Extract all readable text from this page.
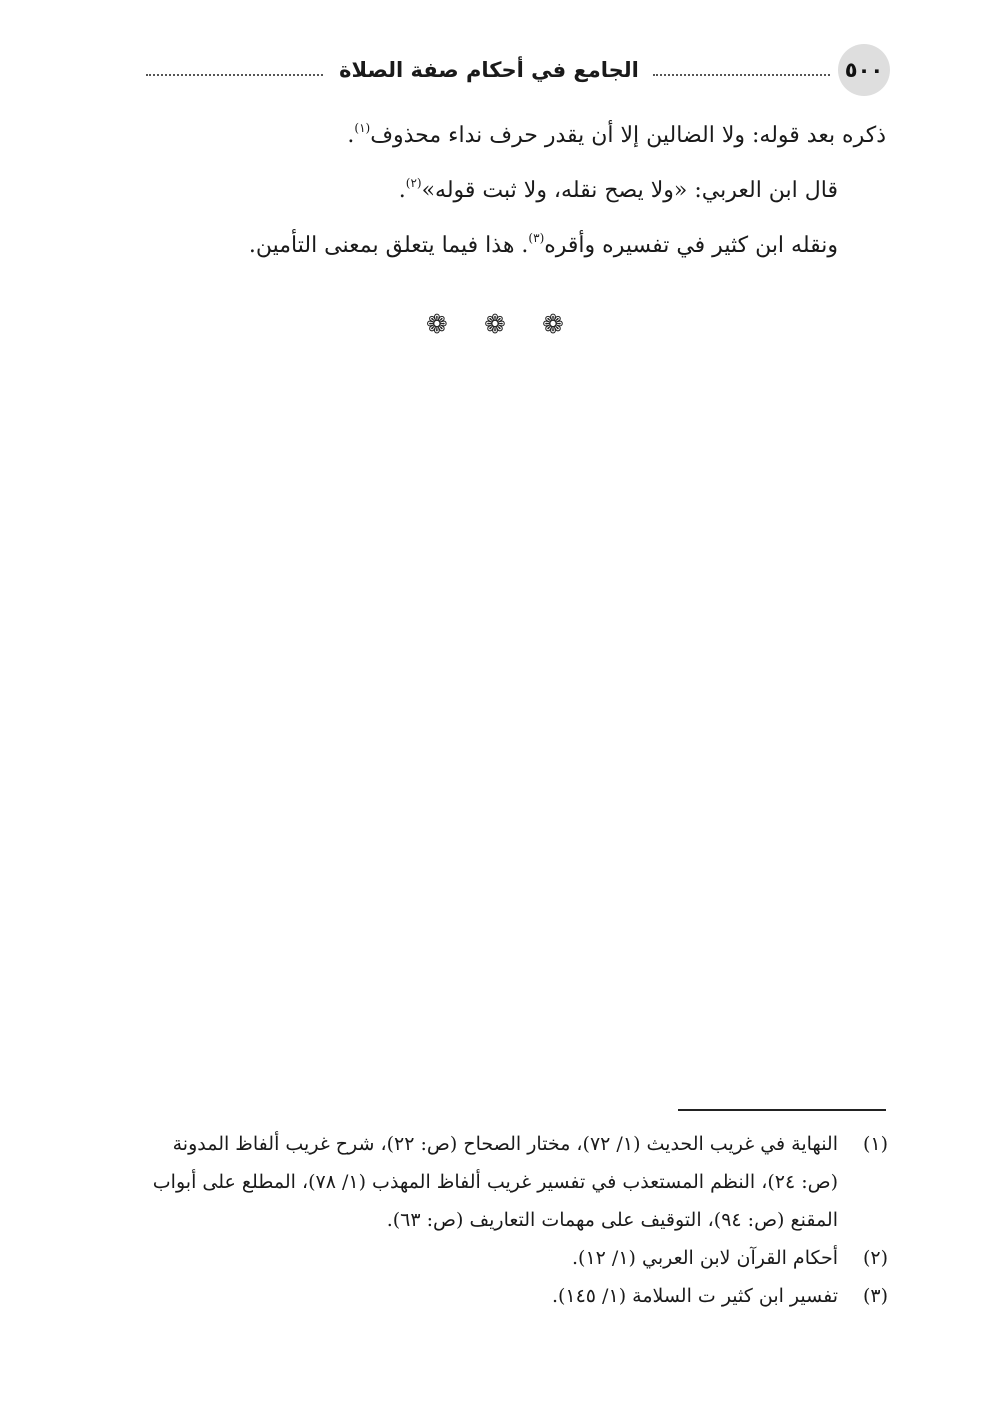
٥٠٠
الجامع في أحكام صفة الصلاة

ذكره بعد قوله: ولا الضالين إلا أن يقدر حرف نداء محذوف$^{(١)}$.

قال ابن العربي: «ولا يصح نقله، ولا ثبت قوله»$^{(٢)}$.

ونقله ابن كثير في تفسيره وأقره$^{(٣)}$. هذا فيما يتعلق بمعنى التأمين.

❁ ❁ ❁
(١)
النهاية في غريب الحديث (١/ ٧٢)، مختار الصحاح (ص: ٢٢)، شرح غريب ألفاظ المدونة
(ص: ٢٤)، النظم المستعذب في تفسير غريب ألفاظ المهذب (١/ ٧٨)، المطلع على أبواب
المقنع (ص: ٩٤)، التوقيف على مهمات التعاريف (ص: ٦٣).
(٢)
أحكام القرآن لابن العربي (١/ ١٢).
(٣)
تفسير ابن كثير ت السلامة (١/ ١٤٥).
